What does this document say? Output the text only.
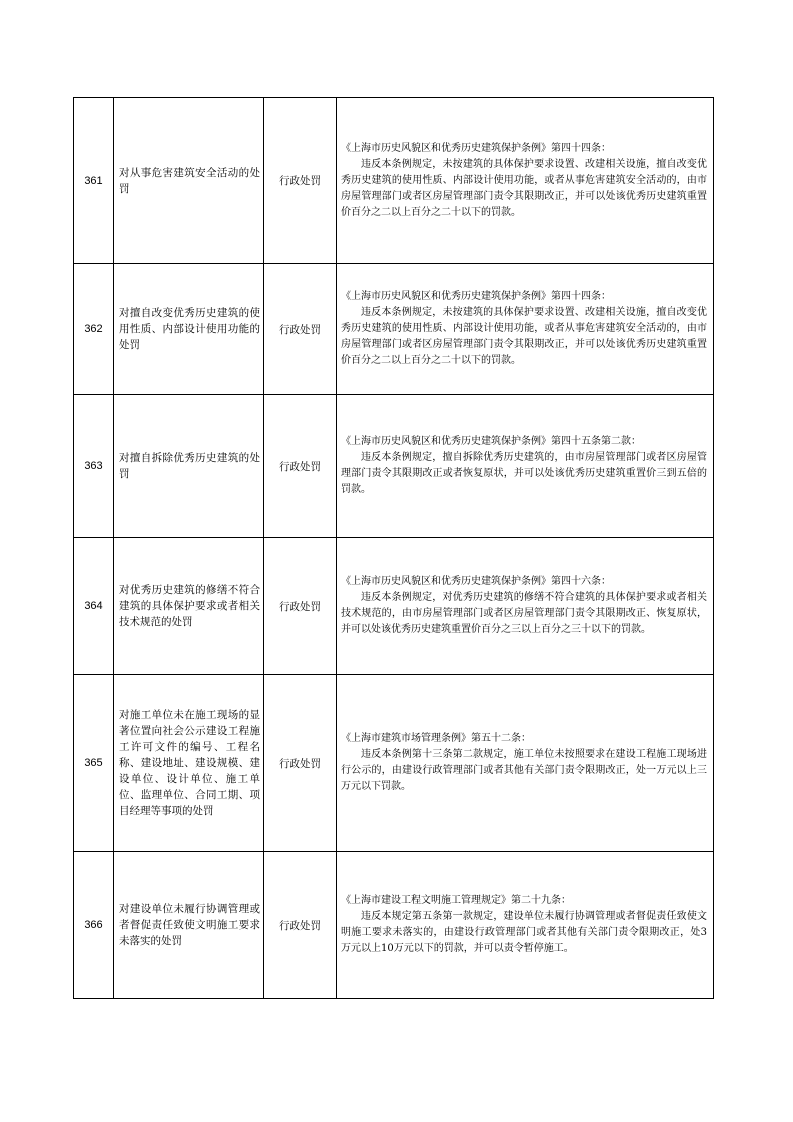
361	对从事危害建筑安全活动的处罚	行政处罚	《上海市历史风貌区和优秀历史建筑保护条例》第四十四条：

违反本条例规定，未按建筑的具体保护要求设置、改建相关设施，擅自改变优秀历史建筑的使用性质、内部设计使用功能，或者从事危害建筑安全活动的，由市房屋管理部门或者区房屋管理部门责令其限期改正，并可以处该优秀历史建筑重置价百分之二以上百分之二十以下的罚款。

362	对擅自改变优秀历史建筑的使用性质、内部设计使用功能的处罚	行政处罚	《上海市历史风貌区和优秀历史建筑保护条例》第四十四条：

违反本条例规定，未按建筑的具体保护要求设置、改建相关设施，擅自改变优秀历史建筑的使用性质、内部设计使用功能，或者从事危害建筑安全活动的，由市房屋管理部门或者区房屋管理部门责令其限期改正，并可以处该优秀历史建筑重置价百分之二以上百分之二十以下的罚款。

363	对擅自拆除优秀历史建筑的处罚	行政处罚	《上海市历史风貌区和优秀历史建筑保护条例》第四十五条第二款：

违反本条例规定，擅自拆除优秀历史建筑的，由市房屋管理部门或者区房屋管理部门责令其限期改正或者恢复原状，并可以处该优秀历史建筑重置价三到五倍的罚款。

364	对优秀历史建筑的修缮不符合建筑的具体保护要求或者相关技术规范的处罚	行政处罚	《上海市历史风貌区和优秀历史建筑保护条例》第四十六条：

违反本条例规定，对优秀历史建筑的修缮不符合建筑的具体保护要求或者相关技术规范的，由市房屋管理部门或者区房屋管理部门责令其限期改正、恢复原状，并可以处该优秀历史建筑重置价百分之三以上百分之三十以下的罚款。

365	对施工单位未在施工现场的显著位置向社会公示建设工程施工许可文件的编号、工程名称、建设地址、建设规模、建设单位、设计单位、施工单位、监理单位、合同工期、项目经理等事项的处罚	行政处罚	《上海市建筑市场管理条例》第五十二条：

违反本条例第十三条第二款规定，施工单位未按照要求在建设工程施工现场进行公示的，由建设行政管理部门或者其他有关部门责令限期改正，处一万元以上三万元以下罚款。

366	对建设单位未履行协调管理或者督促责任致使文明施工要求未落实的处罚	行政处罚	《上海市建设工程文明施工管理规定》第二十九条：

违反本规定第五条第一款规定，建设单位未履行协调管理或者督促责任致使文明施工要求未落实的，由建设行政管理部门或者其他有关部门责令限期改正，处3万元以上10万元以下的罚款，并可以责令暂停施工。
